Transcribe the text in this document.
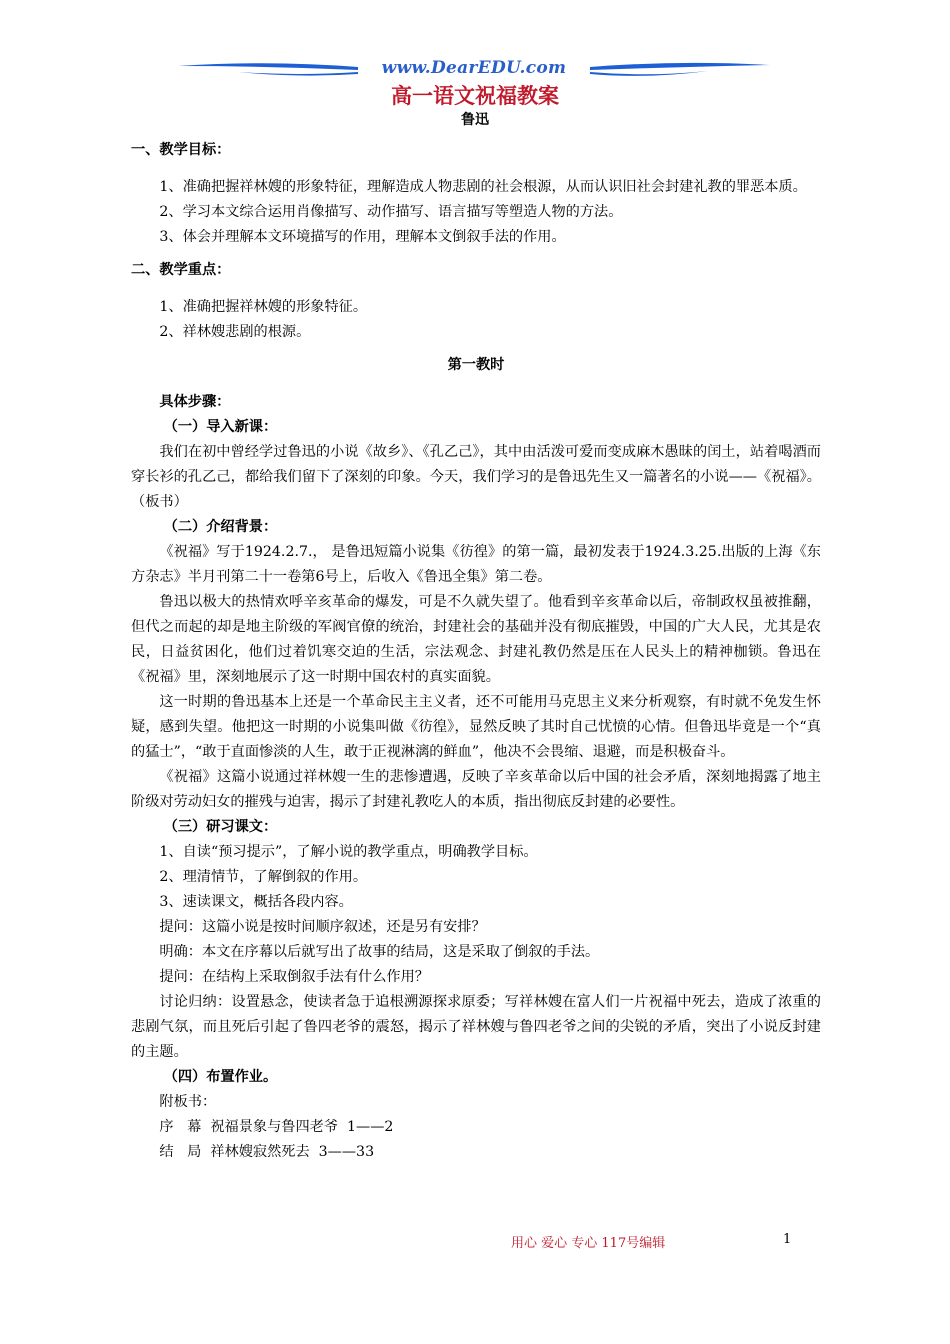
www.DearEDU.com
高一语文祝福教案
鲁迅
一、教学目标：

1、准确把握祥林嫂的形象特征，理解造成人物悲剧的社会根源，从而认识旧社会封建礼教的罪恶本质。

2、学习本文综合运用肖像描写、动作描写、语言描写等塑造人物的方法。

3、体会并理解本文环境描写的作用，理解本文倒叙手法的作用。

二、教学重点：

1、准确把握祥林嫂的形象特征。

2、祥林嫂悲剧的根源。

第一教时
具体步骤：
（一）导入新课：

我们在初中曾经学过鲁迅的小说《故乡》、《孔乙己》，其中由活泼可爱而变成麻木愚昧的闰土，站着喝酒而穿长衫的孔乙己，都给我们留下了深刻的印象。今天，我们学习的是鲁迅先生又一篇著名的小说——《祝福》。（板书）

（二）介绍背景：

《祝福》写于1924.2.7.， 是鲁迅短篇小说集《彷徨》的第一篇，最初发表于1924.3.25.出版的上海《东方杂志》半月刊第二十一卷第6号上，后收入《鲁迅全集》第二卷。

鲁迅以极大的热情欢呼辛亥革命的爆发，可是不久就失望了。他看到辛亥革命以后，帝制政权虽被推翻，但代之而起的却是地主阶级的军阀官僚的统治，封建社会的基础并没有彻底摧毁，中国的广大人民，尤其是农民，日益贫困化，他们过着饥寒交迫的生活，宗法观念、封建礼教仍然是压在人民头上的精神枷锁。鲁迅在《祝福》里，深刻地展示了这一时期中国农村的真实面貌。

这一时期的鲁迅基本上还是一个革命民主主义者，还不可能用马克思主义来分析观察，有时就不免发生怀疑，感到失望。他把这一时期的小说集叫做《彷徨》，显然反映了其时自己忧愤的心情。但鲁迅毕竟是一个“真的猛士”，“敢于直面惨淡的人生，敢于正视淋漓的鲜血”，他决不会畏缩、退避，而是积极奋斗。

《祝福》这篇小说通过祥林嫂一生的悲惨遭遇，反映了辛亥革命以后中国的社会矛盾，深刻地揭露了地主阶级对劳动妇女的摧残与迫害，揭示了封建礼教吃人的本质，指出彻底反封建的必要性。

（三）研习课文：

1、自读“预习提示”，了解小说的教学重点，明确教学目标。

2、理清情节，了解倒叙的作用。

3、速读课文，概括各段内容。

提问：这篇小说是按时间顺序叙述，还是另有安排？

明确：本文在序幕以后就写出了故事的结局，这是采取了倒叙的手法。

提问：在结构上采取倒叙手法有什么作用？

讨论归纳：设置悬念，使读者急于追根溯源探求原委；写祥林嫂在富人们一片祝福中死去，造成了浓重的悲剧气氛，而且死后引起了鲁四老爷的震怒，揭示了祥林嫂与鲁四老爷之间的尖锐的矛盾，突出了小说反封建的主题。

（四）布置作业。

附板书：

序   幕  祝福景象与鲁四老爷  1——2

结   局  祥林嫂寂然死去  3——33

用心 爱心 专心 117号编辑	1
